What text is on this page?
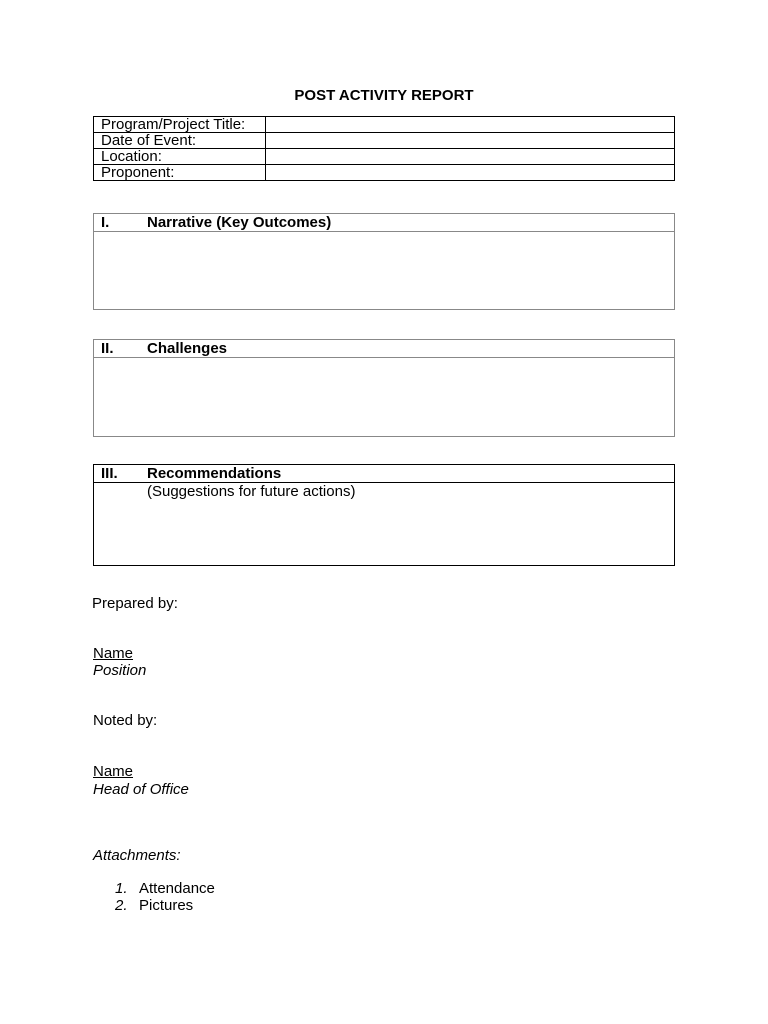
POST ACTIVITY REPORT
Program/Project Title:	
Date of Event:	
Location:	
Proponent:	
I.	Narrative (Key Outcomes)
II. Challenges
III. Recommendations
(Suggestions for future actions)
Prepared by:
Name
Position
Noted by:
Name
Head of Office
Attachments:
1. Attendance
2. Pictures
